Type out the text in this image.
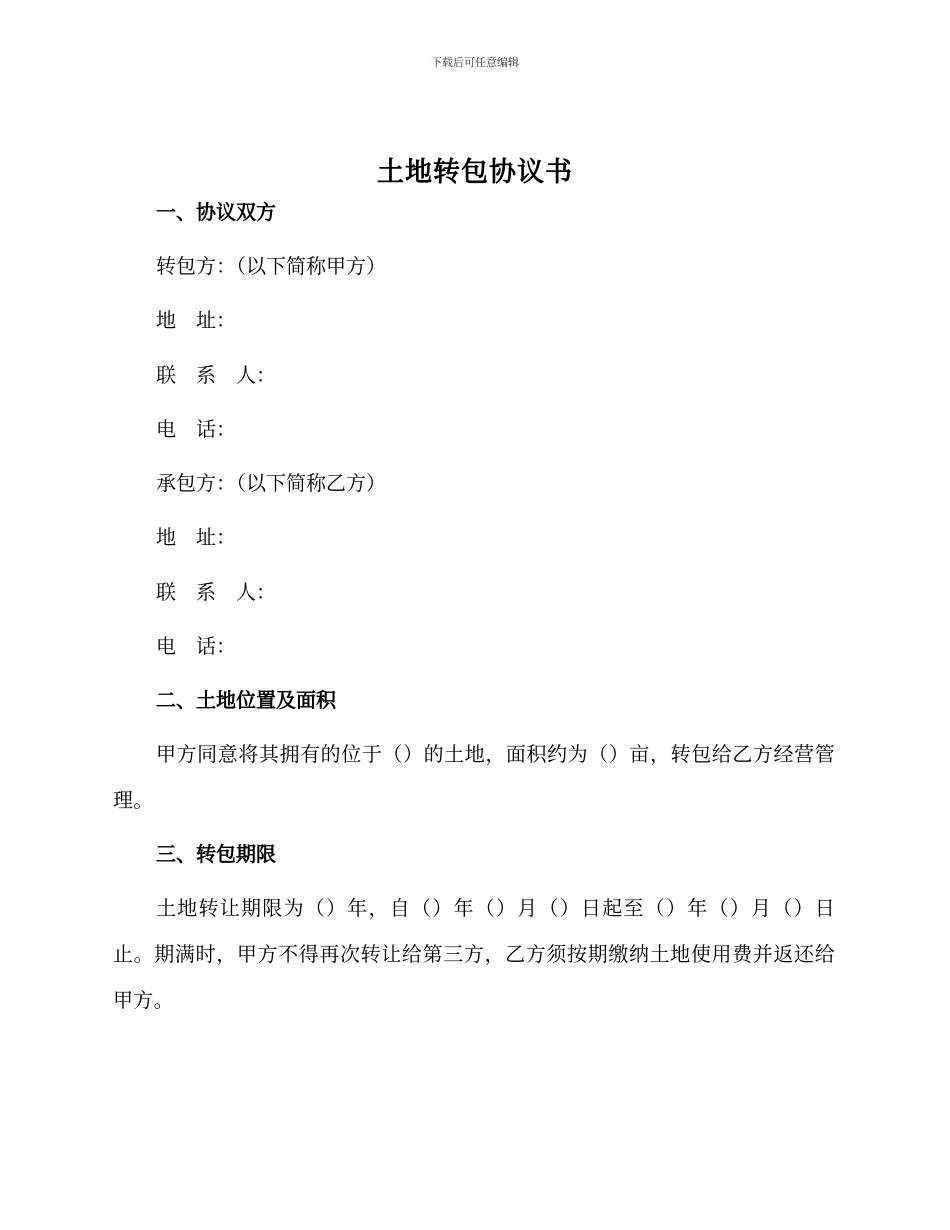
下载后可任意编辑
土地转包协议书
一、协议双方
转包方：（以下简称甲方）
地　址：
联　系　人：
电　话：
承包方：（以下简称乙方）
地　址：
联　系　人：
电　话：
二、土地位置及面积
甲方同意将其拥有的位于（）的土地，面积约为（）亩，转包给乙方经营管理。
三、转包期限
土地转让期限为（）年，自（）年（）月（）日起至（）年（）月（）日止。期满时，甲方不得再次转让给第三方，乙方须按期缴纳土地使用费并返还给甲方。
